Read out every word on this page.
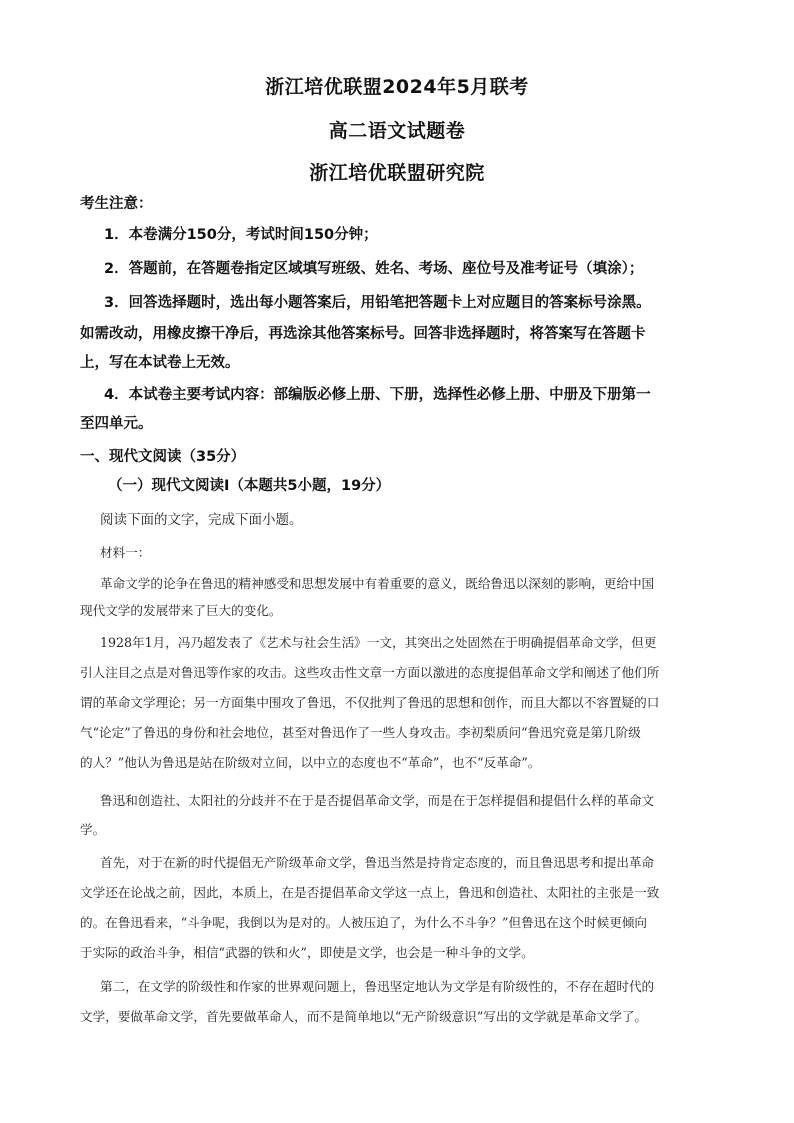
浙江培优联盟2024年5月联考
高二语文试题卷
浙江培优联盟研究院
考生注意：
1．本卷满分150分，考试时间150分钟；
2．答题前，在答题卷指定区域填写班级、姓名、考场、座位号及准考证号（填涂）；
3．回答选择题时，选出每小题答案后，用铅笔把答题卡上对应题目的答案标号涂黑。
如需改动，用橡皮擦干净后，再选涂其他答案标号。回答非选择题时，将答案写在答题卡
上，写在本试卷上无效。
4．本试卷主要考试内容：部编版必修上册、下册，选择性必修上册、中册及下册第一
至四单元。
一、现代文阅读（35分）
（一）现代文阅读Ⅰ（本题共5小题，19分）
阅读下面的文字，完成下面小题。
材料一：
革命文学的论争在鲁迅的精神感受和思想发展中有着重要的意义，既给鲁迅以深刻的影响，更给中国
现代文学的发展带来了巨大的变化。
1928年1月，冯乃超发表了《艺术与社会生活》一文，其突出之处固然在于明确提倡革命文学，但更
引人注目之点是对鲁迅等作家的攻击。这些攻击性文章一方面以激进的态度提倡革命文学和阐述了他们所
谓的革命文学理论；另一方面集中围攻了鲁迅，不仅批判了鲁迅的思想和创作，而且大都以不容置疑的口
气“论定”了鲁迅的身份和社会地位，甚至对鲁迅作了一些人身攻击。李初梨质问“鲁迅究竟是第几阶级
的人？”他认为鲁迅是站在阶级对立间，以中立的态度也不“革命”，也不“反革命”。
鲁迅和创造社、太阳社的分歧并不在于是否提倡革命文学，而是在于怎样提倡和提倡什么样的革命文
学。
首先，对于在新的时代提倡无产阶级革命文学，鲁迅当然是持肯定态度的，而且鲁迅思考和提出革命
文学还在论战之前，因此，本质上，在是否提倡革命文学这一点上，鲁迅和创造社、太阳社的主张是一致
的。在鲁迅看来，“斗争呢，我倒以为是对的。人被压迫了，为什么不斗争？”但鲁迅在这个时候更倾向
于实际的政治斗争，相信“武器的铁和火”，即使是文学，也会是一种斗争的文学。
第二，在文学的阶级性和作家的世界观问题上，鲁迅坚定地认为文学是有阶级性的，不存在超时代的
文学，要做革命文学，首先要做革命人，而不是简单地以“无产阶级意识”写出的文学就是革命文学了。
